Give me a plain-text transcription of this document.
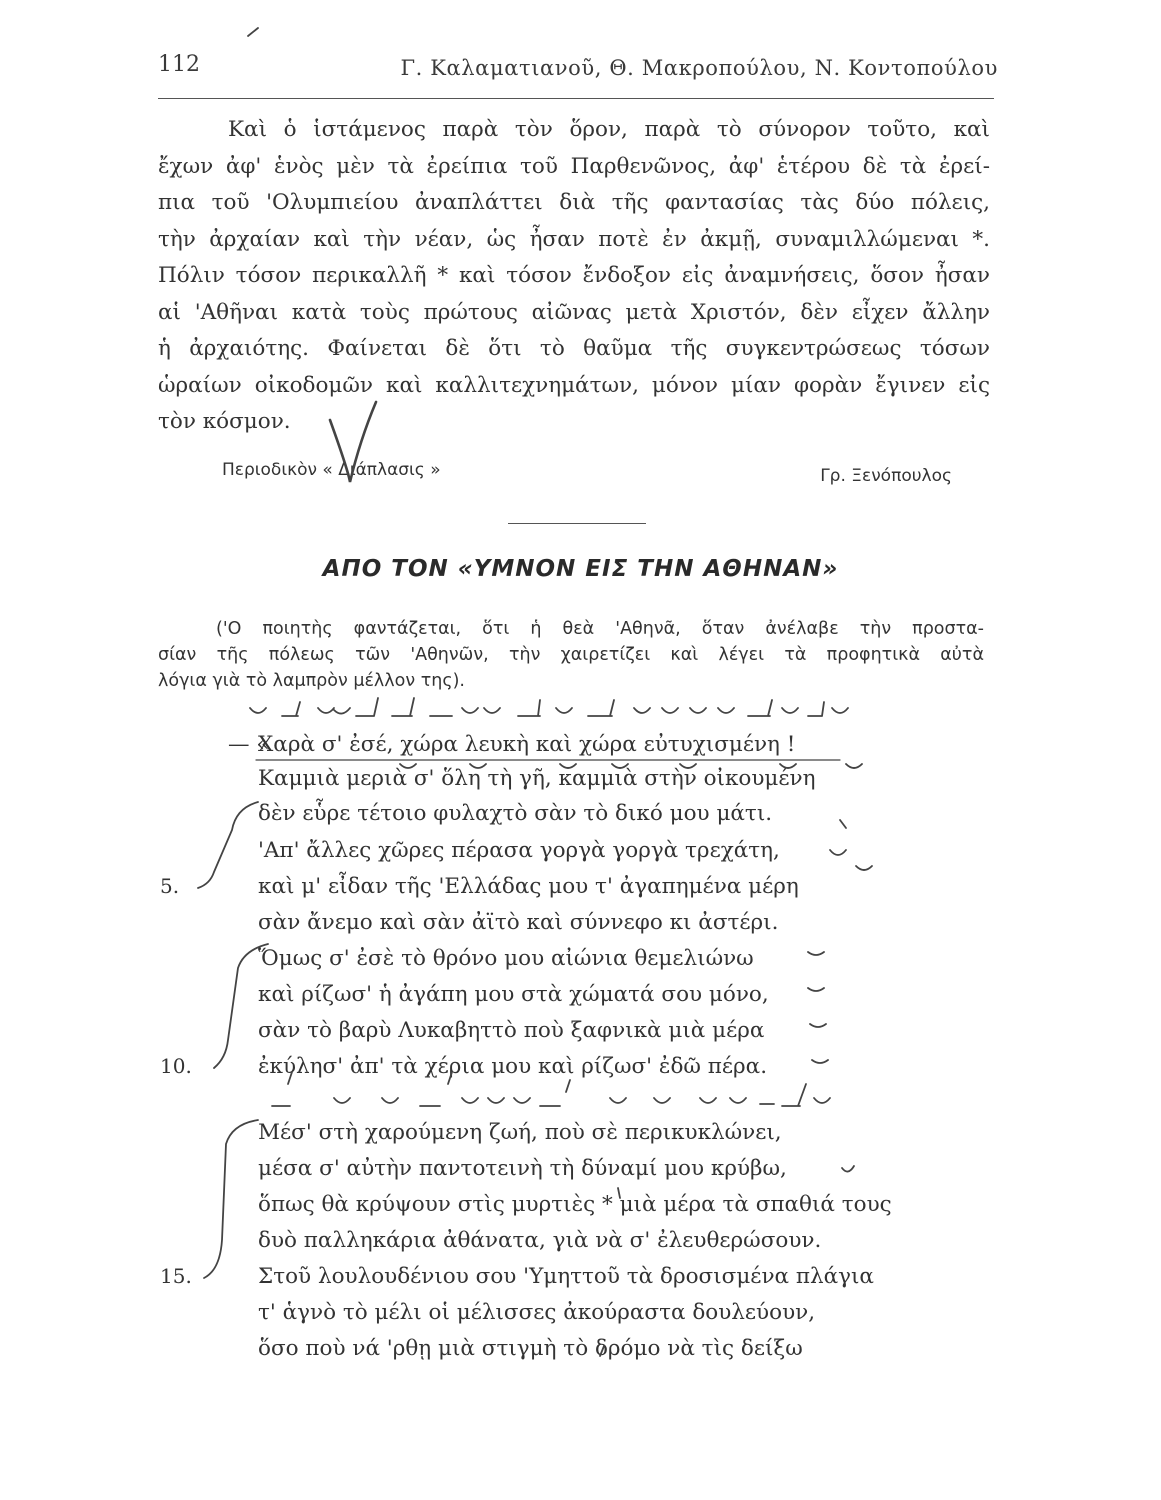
112	Γ. Καλαματιανοῦ, Θ. Μακροπούλου, Ν. Κοντοπούλου
Καὶ ὁ ἱστάμενος παρὰ τὸν ὅρον, παρὰ τὸ σύνορον τοῦτο, καὶ
ἔχων ἀφ' ἑνὸς μὲν τὰ ἐρείπια τοῦ Παρθενῶνος, ἀφ' ἑτέρου δὲ τὰ ἐρεί-
πια τοῦ 'Ολυμπιείου ἀναπλάττει διὰ τῆς φαντασίας τὰς δύο πόλεις,
τὴν ἀρχαίαν καὶ τὴν νέαν, ὡς ἦσαν ποτὲ ἐν ἀκμῇ, συναμιλλώμεναι *.
Πόλιν τόσον περικαλλῆ * καὶ τόσον ἔνδοξον εἰς ἀναμνήσεις, ὅσον ἦσαν
αἱ 'Αθῆναι κατὰ τοὺς πρώτους αἰῶνας μετὰ Χριστόν, δὲν εἶχεν ἄλλην
ἡ ἀρχαιότης. Φαίνεται δὲ ὅτι τὸ θαῦμα τῆς συγκεντρώσεως τόσων
ὡραίων οἰκοδομῶν καὶ καλλιτεχνημάτων, μόνον μίαν φορὰν ἔγινεν εἰς
τὸν κόσμον.
Περιοδικὸν « Διάπλασις »	Γρ. Ξενόπουλος
ΑΠΟ ΤΟΝ «ΥΜΝΟΝ ΕΙΣ ΤΗΝ ΑΘΗΝΑΝ»
('Ο ποιητὴς φαντάζεται, ὅτι ἡ θεὰ 'Αθηνᾶ, ὅταν ἀνέλαβε τὴν προστα-
σίαν τῆς πόλεως τῶν 'Αθηνῶν, τὴν χαιρετίζει καὶ λέγει τὰ προφητικὰ αὐτὰ
λόγια γιὰ τὸ λαμπρὸν μέλλον της).
— «
Χαρὰ σ' ἐσέ, χώρα λευκὴ καὶ χώρα εὐτυχισμένη !
Καμμιὰ μεριὰ σ' ὅλη τὴ γῆ, καμμιὰ στὴν οἰκουμένη
δὲν εὗρε τέτοιο φυλαχτὸ σὰν τὸ δικό μου μάτι.
'Απ' ἄλλες χῶρες πέρασα γοργὰ γοργὰ τρεχάτη,
καὶ μ' εἶδαν τῆς 'Ελλάδας μου τ' ἀγαπημένα μέρη
σὰν ἄνεμο καὶ σὰν ἀϊτὸ καὶ σύννεφο κι ἀστέρι.
Ὅμως σ' ἐσὲ τὸ θρόνο μου αἰώνια θεμελιώνω
καὶ ρίζωσ' ἡ ἀγάπη μου στὰ χώματά σου μόνο,
σὰν τὸ βαρὺ Λυκαβηττὸ ποὺ ξαφνικὰ μιὰ μέρα
ἐκύλησ' ἀπ' τὰ χέρια μου καὶ ρίζωσ' ἐδῶ πέρα.
Μέσ' στὴ χαρούμενη ζωή, ποὺ σὲ περικυκλώνει,
μέσα σ' αὐτὴν παντοτεινὴ τὴ δύναμί μου κρύβω,
ὅπως θὰ κρύψουν στὶς μυρτιὲς * μιὰ μέρα τὰ σπαθιά τους
δυὸ παλληκάρια ἀθάνατα, γιὰ νὰ σ' ἐλευθερώσουν.
Στοῦ λουλουδένιου σου 'Υμηττοῦ τὰ δροσισμένα πλάγια
τ' ἁγνὸ τὸ μέλι οἱ μέλισσες ἀκούραστα δουλεύουν,
ὅσο ποὺ νά 'ρθῃ μιὰ στιγμὴ τὸ δρόμο νὰ τὶς δείξω
5.
10.
15.
